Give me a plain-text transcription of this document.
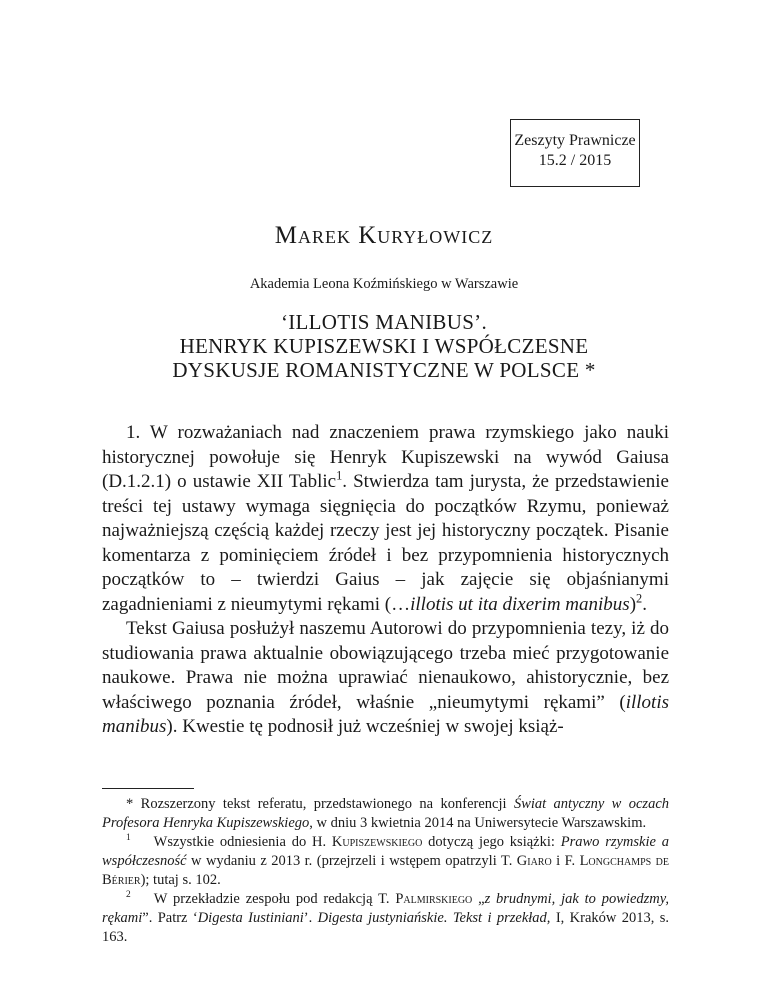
Zeszyty Prawnicze
15.2 / 2015
Marek Kuryłowicz
Akademia Leona Koźmińskiego w Warszawie
‘ILLOTIS MANIBUS’.
HENRYK KUPISZEWSKI I WSPÓŁCZESNE
DYSKUSJE ROMANISTYCZNE W POLSCE *

1. W rozważaniach nad znaczeniem prawa rzymskiego jako nauki historycznej powołuje się Henryk Kupiszewski na wywód Gaiusa (D.1.2.1) o ustawie XII Tablic$^1$. Stwierdza tam jurysta, że przedstawienie treści tej ustawy wymaga sięgnięcia do początków Rzymu, ponieważ najważniejszą częścią każdej rzeczy jest jej historyczny początek. Pisanie komentarza z pominięciem źródeł i bez przypomnienia historycznych początków to – twierdzi Gaius – jak zajęcie się objaśnianymi zagadnieniami z nieumytymi rękami (…illotis ut ita dixerim manibus)$^2$.

Tekst Gaiusa posłużył naszemu Autorowi do przypomnienia tezy, iż do studiowania prawa aktualnie obowiązującego trzeba mieć przygotowanie naukowe. Prawa nie można uprawiać nienaukowo, ahistorycznie, bez właściwego poznania źródeł, właśnie „nieumytymi rękami” (illotis manibus). Kwestie tę podnosił już wcześniej w swojej książ-

* Rozszerzony tekst referatu, przedstawionego na konferencji Świat antyczny w oczach Profesora Henryka Kupiszewskiego, w dniu 3 kwietnia 2014 na Uniwersytecie Warszawskim.

$^1$ Wszystkie odniesienia do H. Kupiszewskiego dotyczą jego książki: Prawo rzymskie a współczesność w wydaniu z 2013 r. (przejrzeli i wstępem opatrzyli T. Giaro i F. Longchamps de Bérier); tutaj s. 102.

$^2$ W przekładzie zespołu pod redakcją T. Palmirskiego „z brudnymi, jak to powiedzmy, rękami”. Patrz ‘Digesta Iustiniani’. Digesta justyniańskie. Tekst i przekład, I, Kraków 2013, s. 163.
